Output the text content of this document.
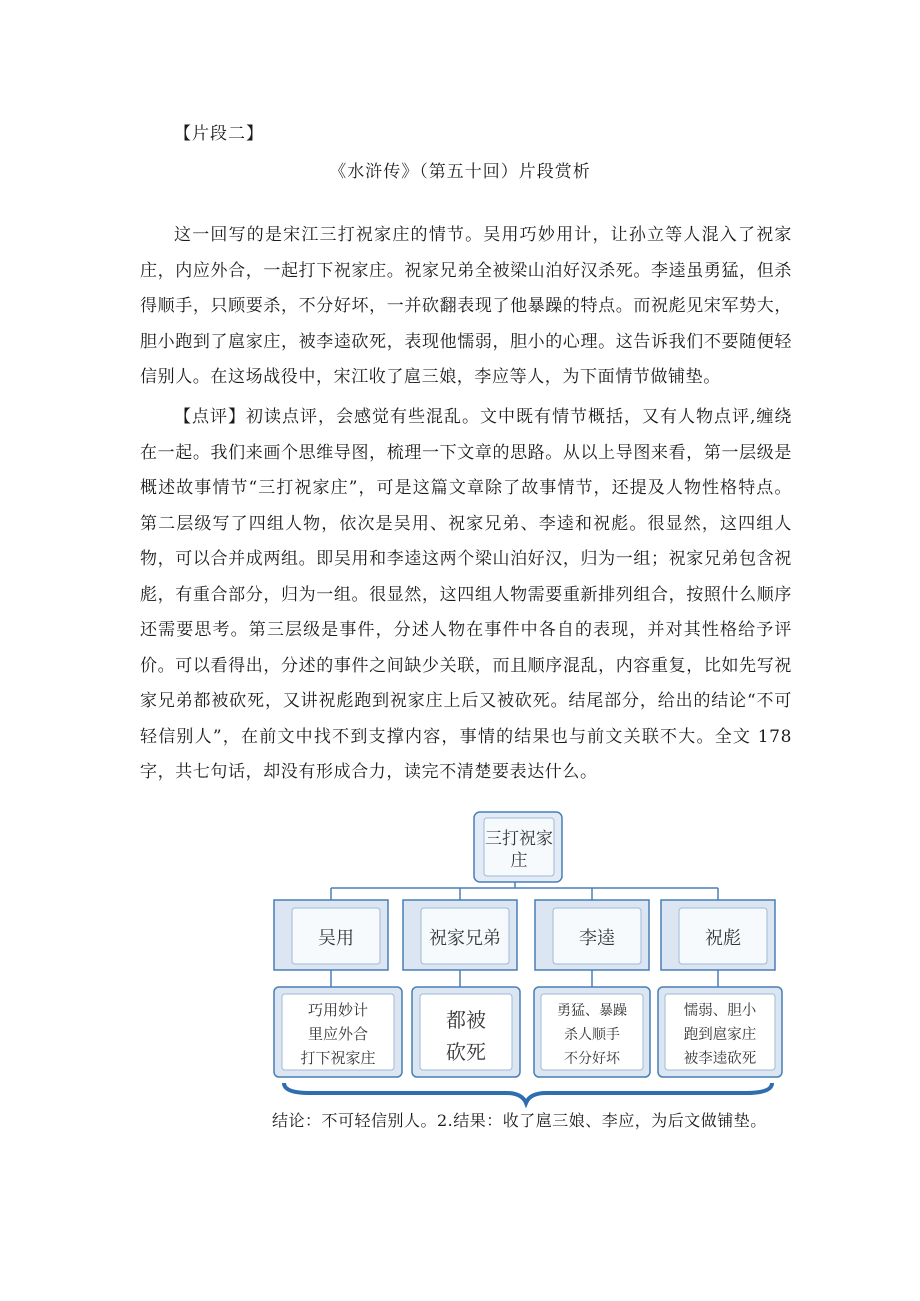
【片段二】
《水浒传》（第五十回）片段赏析

这一回写的是宋江三打祝家庄的情节。吴用巧妙用计，让孙立等人混入了祝家庄，内应外合，一起打下祝家庄。祝家兄弟全被梁山泊好汉杀死。李逵虽勇猛，但杀得顺手，只顾要杀，不分好坏，一并砍翻表现了他暴躁的特点。而祝彪见宋军势大，胆小跑到了扈家庄，被李逵砍死，表现他懦弱，胆小的心理。这告诉我们不要随便轻信别人。在这场战役中，宋江收了扈三娘，李应等人，为下面情节做铺垫。

【点评】初读点评，会感觉有些混乱。文中既有情节概括，又有人物点评,缠绕在一起。我们来画个思维导图，梳理一下文章的思路。从以上导图来看，第一层级是概述故事情节“三打祝家庄”，可是这篇文章除了故事情节，还提及人物性格特点。第二层级写了四组人物，依次是吴用、祝家兄弟、李逵和祝彪。很显然，这四组人物，可以合并成两组。即吴用和李逵这两个梁山泊好汉，归为一组；祝家兄弟包含祝彪，有重合部分，归为一组。很显然，这四组人物需要重新排列组合，按照什么顺序还需要思考。第三层级是事件，分述人物在事件中各自的表现，并对其性格给予评价。可以看得出，分述的事件之间缺少关联，而且顺序混乱，内容重复，比如先写祝家兄弟都被砍死，又讲祝彪跑到祝家庄上后又被砍死。结尾部分，给出的结论“不可轻信别人”，在前文中找不到支撑内容，事情的结果也与前文关联不大。全文 178 字，共七句话，却没有形成合力，读完不清楚要表达什么。

三打祝家
庄
吴用	祝家兄弟	李逵	祝彪
巧用妙计
里应外合
打下祝家庄
都被
砍死
勇猛、暴躁
杀人顺手
不分好坏
懦弱、胆小
跑到扈家庄
被李逵砍死
结论：不可轻信别人。2.结果：收了扈三娘、李应，为后文做铺垫。
